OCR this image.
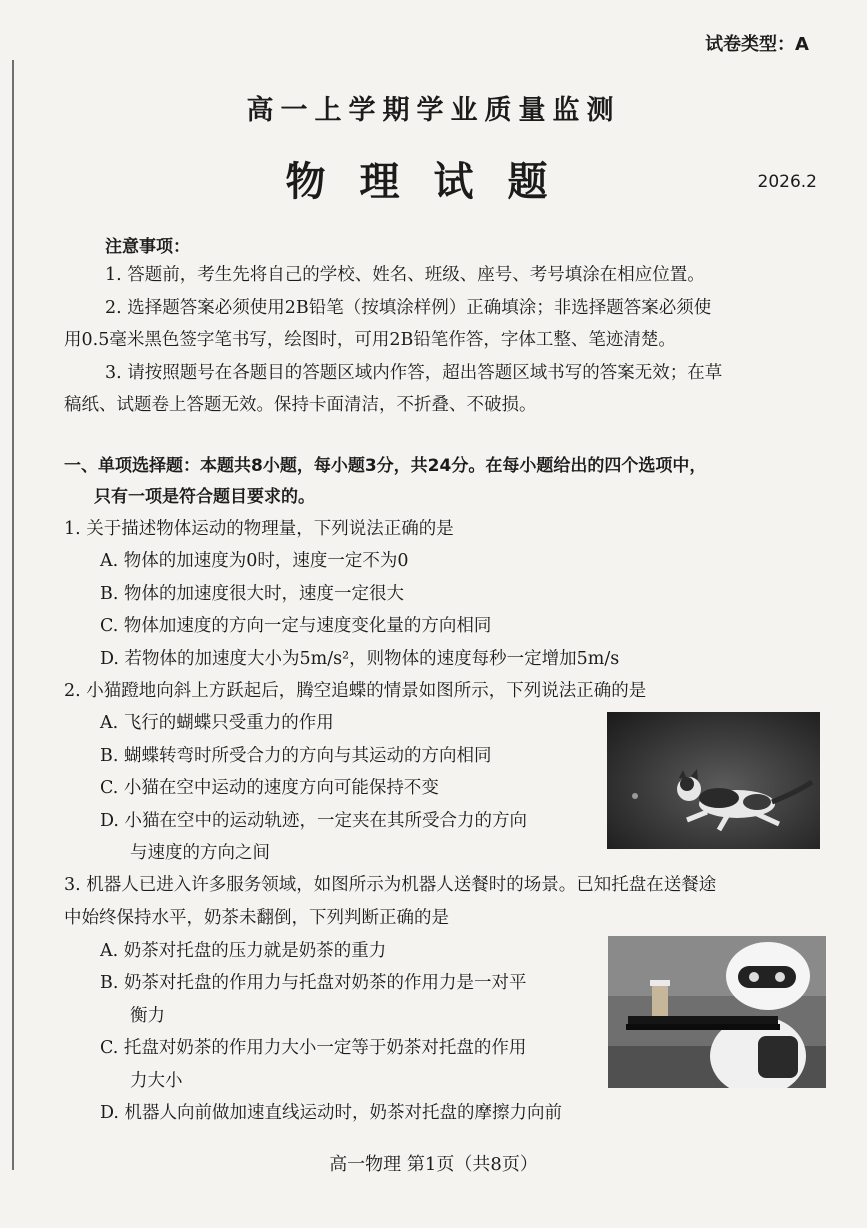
试卷类型：A
高一上学期学业质量监测
物理试题	2026.2
注意事项：
1. 答题前，考生先将自己的学校、姓名、班级、座号、考号填涂在相应位置。
2. 选择题答案必须使用2B铅笔（按填涂样例）正确填涂；非选择题答案必须使
用0.5毫米黑色签字笔书写，绘图时，可用2B铅笔作答，字体工整、笔迹清楚。
3. 请按照题号在各题目的答题区域内作答，超出答题区域书写的答案无效；在草
稿纸、试题卷上答题无效。保持卡面清洁，不折叠、不破损。
一、单项选择题：本题共8小题，每小题3分，共24分。在每小题给出的四个选项中，
只有一项是符合题目要求的。
1. 关于描述物体运动的物理量，下列说法正确的是
A. 物体的加速度为0时，速度一定不为0
B. 物体的加速度很大时，速度一定很大
C. 物体加速度的方向一定与速度变化量的方向相同
D. 若物体的加速度大小为5m/s²，则物体的速度每秒一定增加5m/s
2. 小猫蹬地向斜上方跃起后，腾空追蝶的情景如图所示，下列说法正确的是
A. 飞行的蝴蝶只受重力的作用
B. 蝴蝶转弯时所受合力的方向与其运动的方向相同
C. 小猫在空中运动的速度方向可能保持不变
D. 小猫在空中的运动轨迹，一定夹在其所受合力的方向
与速度的方向之间
3. 机器人已进入许多服务领域，如图所示为机器人送餐时的场景。已知托盘在送餐途
中始终保持水平，奶茶未翻倒，下列判断正确的是
A. 奶茶对托盘的压力就是奶茶的重力
B. 奶茶对托盘的作用力与托盘对奶茶的作用力是一对平
衡力
C. 托盘对奶茶的作用力大小一定等于奶茶对托盘的作用
力大小
D. 机器人向前做加速直线运动时，奶茶对托盘的摩擦力向前
高一物理 第1页（共8页）
